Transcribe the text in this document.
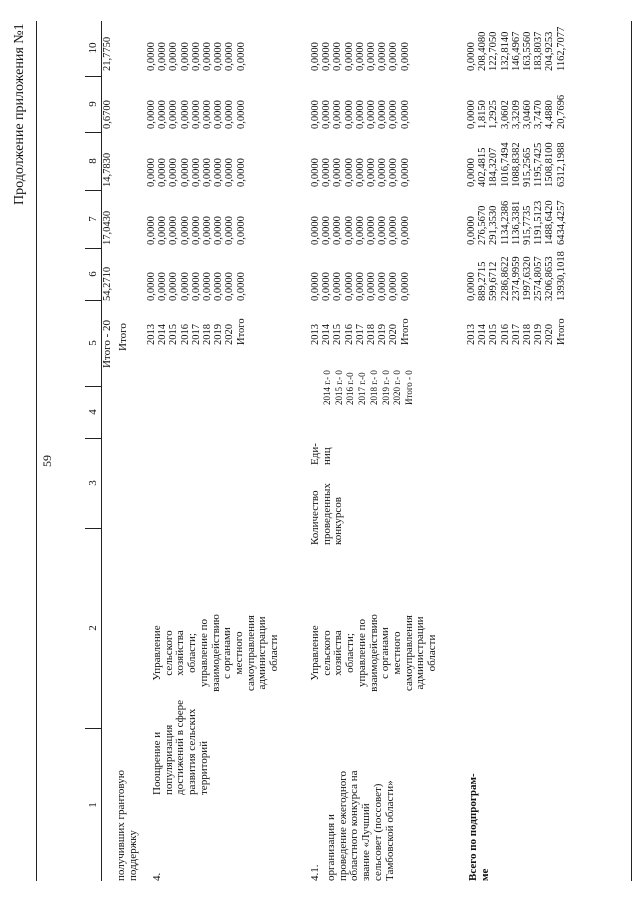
59
Продолжение приложения №1
1
2
3
4
5
6
7
8
9
10
Итого - 20 Итого
54,2710
17,0430
14,7830
0,6700
21,7750
получивших грантовую
поддержку 4.
Поощрение и
популяризация
достижений в сфере
развития сельских
территорий
Управление
сельского
хозяйства
области;
управление по
взаимодействию
с органами
местного
самоуправления
администрации
области
2013
2014
2015
2016
2017
2018
2019
2020
Итого
0,0000
0,0000
0,0000
0,0000
0,0000
0,0000
0,0000
0,0000
0,0000
0,0000
0,0000
0,0000
0,0000
0,0000
0,0000
0,0000
0,0000
0,0000
0,0000
0,0000
0,0000
0,0000
0,0000
0,0000
0,0000
0,0000
0,0000
0,0000
0,0000
0,0000
0,0000
0,0000
0,0000
0,0000
0,0000
0,0000
0,0000
0,0000
0,0000
0,0000
0,0000
0,0000
0,0000
0,0000
0,0000
4.1. организация и
проведение ежегодного
областного конкурса на
звание «Лучший
сельсовет (поссовет)
Тамбовской области»
Управление
сельского
хозяйства
области;
управление по
взаимодействию
с органами
местного
самоуправления
администрации
области
Количество
проведенных
конкурсов
Еди-
ниц
2014 г.- 0
2015 г.- 0
2016 г.-0
2017 г.-0
2018 г.- 0
2019 г.- 0
2020 г.- 0
Итого - 0
2013
2014
2015
2016
2017
2018
2019
2020
Итого
0,0000
0,0000
0,0000
0,0000
0,0000
0,0000
0,0000
0,0000
0,0000
0,0000
0,0000
0,0000
0,0000
0,0000
0,0000
0,0000
0,0000
0,0000
0,0000
0,0000
0,0000
0,0000
0,0000
0,0000
0,0000
0,0000
0,0000
0,0000
0,0000
0,0000
0,0000
0,0000
0,0000
0,0000
0,0000
0,0000
0,0000
0,0000
0,0000
0,0000
0,0000
0,0000
0,0000
0,0000
0,0000
Всего по подпрограм-
ме
2013
2014
2015
2016
2017
2018
2019
2020
Итого
0,0000
889,2715
599,6712
2286,8622
2374,9959
1997,6320
2574,8057
3206,8653
13930,1018
0,0000
276,5670
291,3530
1134,2386
1136,3381
915,7735
1191,5123
1488,6420
6434,4257
0,0000
402,4815
184,3207
1016,7494
1088,8382
915,2565
1195,7425
1508,8100
6312,1988
0,0000
1,8150
1,2925
3,0602
3,3209
3,0460
3,7470
4,4880
20,7696
0,0000
208,4080
122,7050
132,8140
146,4967
163,5560
183,8037
204,9253
1162,7077
